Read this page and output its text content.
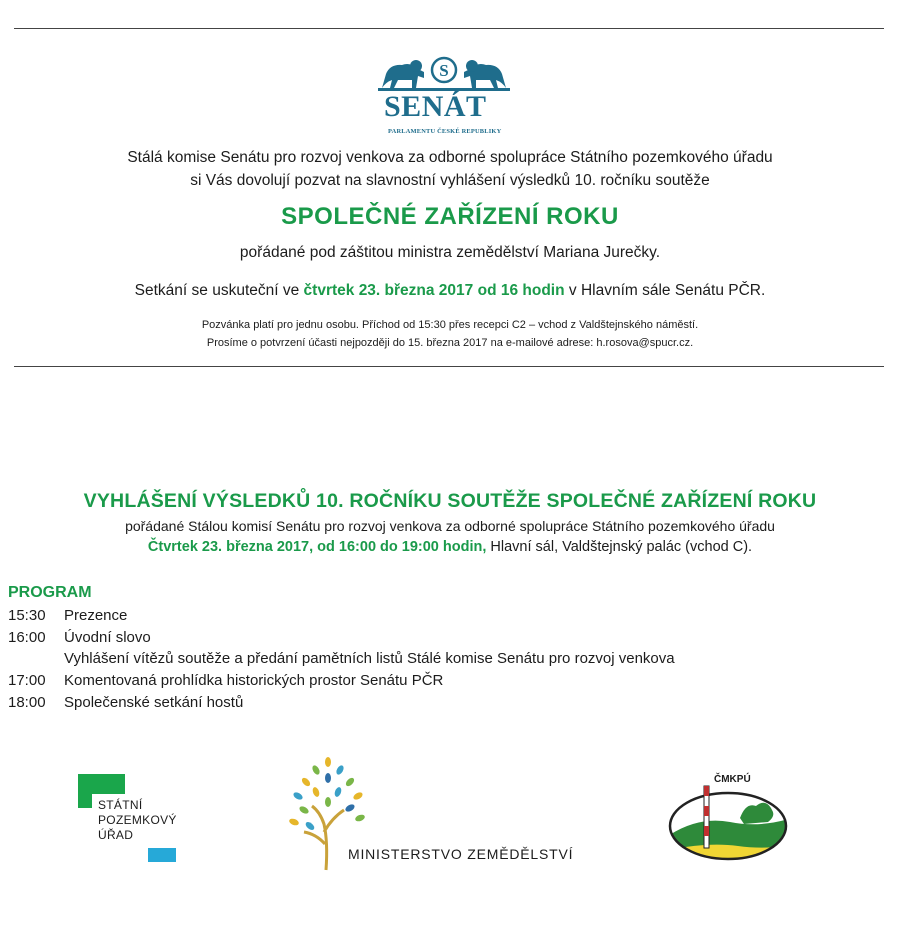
S
SENÁT
PARLAMENTU ČESKÉ REPUBLIKY
Stálá komise Senátu pro rozvoj venkova za odborné spolupráce Státního pozemkového úřadu
si Vás dovolují pozvat na slavnostní vyhlášení výsledků 10. ročníku soutěže
SPOLEČNÉ ZAŘÍZENÍ ROKU
pořádané pod záštitou ministra zemědělství Mariana Jurečky.
Setkání se uskuteční ve čtvrtek 23. března 2017 od 16 hodin v Hlavním sále Senátu PČR.
Pozvánka platí pro jednu osobu. Příchod od 15:30 přes recepci C2 – vchod z Valdštejnského náměstí.
Prosíme o potvrzení účasti nejpozději do 15. března 2017 na e-mailové adrese: h.rosova@spucr.cz.
VYHLÁŠENÍ VÝSLEDKŮ 10. ROČNÍKU SOUTĚŽE SPOLEČNÉ ZAŘÍZENÍ ROKU
pořádané Stálou komisí Senátu pro rozvoj venkova za odborné spolupráce Státního pozemkového úřadu
Čtvrtek 23. března 2017, od 16:00 do 19:00 hodin, Hlavní sál, Valdštejnský palác (vchod C).
PROGRAM
15:30 Prezence
16:00 Úvodní slovo
Vyhlášení vítězů soutěže a předání pamětních listů Stálé komise Senátu pro rozvoj venkova
17:00 Komentovaná prohlídka historických prostor Senátu PČR
18:00 Společenské setkání hostů
STÁTNÍ
POZEMKOVÝ
ÚŘAD
MINISTERSTVO ZEMĚDĚLSTVÍ
ČMKPÚ
